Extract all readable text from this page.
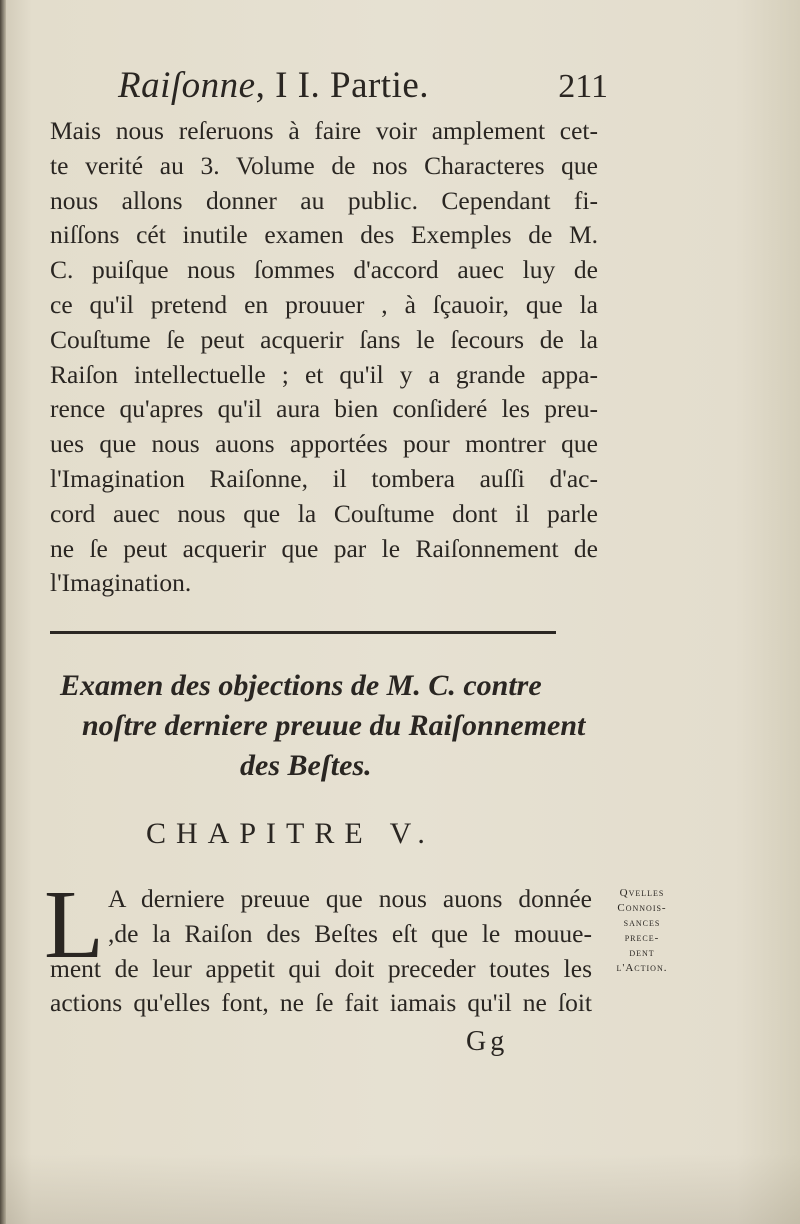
Raiſonne, I I. Partie.	211
Mais nous reſeruons à faire voir amplement cet-
te verité au 3. Volume de nos Characteres que
nous allons donner au public. Cependant fi-
niſſons cét inutile examen des Exemples de M.
C. puiſque nous ſommes d'accord auec luy de
ce qu'il pretend en prouuer , à ſçauoir, que la
Couſtume ſe peut acquerir ſans le ſecours de la
Raiſon intellectuelle ; et qu'il y a grande appa-
rence qu'apres qu'il aura bien conſideré les preu-
ues que nous auons apportées pour montrer que
l'Imagination Raiſonne, il tombera auſſi d'ac-
cord auec nous que la Couſtume dont il parle
ne ſe peut acquerir que par le Raiſonnement de
l'Imagination.
Examen des objections de M. C. contre
noſtre derniere preuue du Raiſonnement
des Beſtes.
CHAPITRE V.
L A derniere preuue que nous auons donnée
,de la Raiſon des Beſtes eſt que le mouue-
ment de leur appetit qui doit preceder toutes les
actions qu'elles font, ne ſe fait iamais qu'il ne ſoit
Qvelles
Connois-
sances
prece-
dent
l'Action.
Gg
